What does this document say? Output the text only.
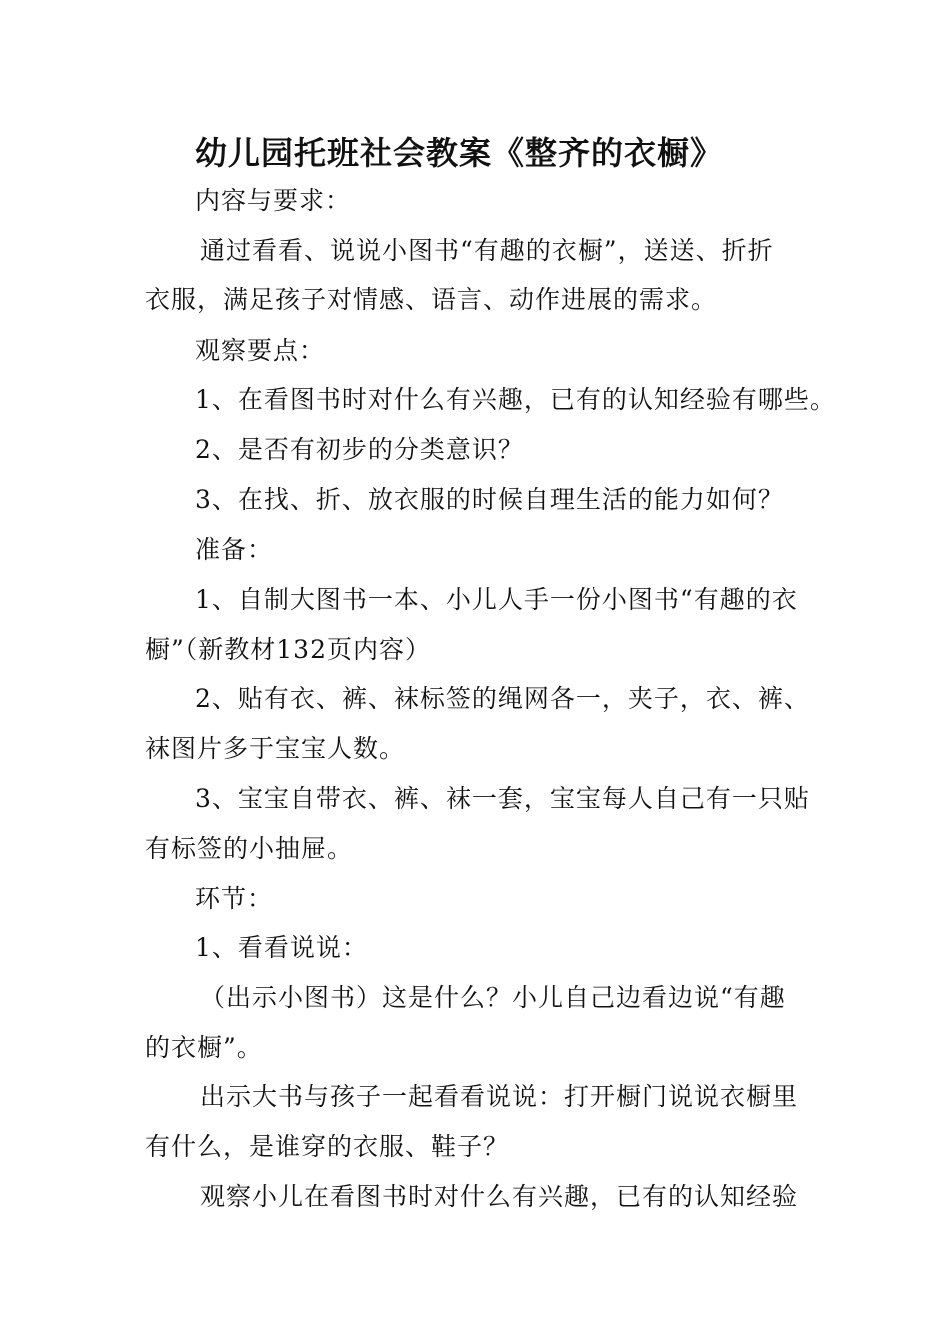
幼儿园托班社会教案《整齐的衣橱》

内容与要求：

通过看看、说说小图书“有趣的衣橱”，送送、折折

衣服，满足孩子对情感、语言、动作进展的需求。

观察要点：

1、在看图书时对什么有兴趣，已有的认知经验有哪些。

2、是否有初步的分类意识？

3、在找、折、放衣服的时候自理生活的能力如何？

准备：

1、自制大图书一本、小儿人手一份小图书“有趣的衣

橱”（新教材132页内容）

2、贴有衣、裤、袜标签的绳网各一，夹子，衣、裤、

袜图片多于宝宝人数。

3、宝宝自带衣、裤、袜一套，宝宝每人自己有一只贴

有标签的小抽屉。

环节：

1、看看说说：

（出示小图书）这是什么？小儿自己边看边说“有趣

的衣橱”。

出示大书与孩子一起看看说说：打开橱门说说衣橱里

有什么，是谁穿的衣服、鞋子？

观察小儿在看图书时对什么有兴趣，已有的认知经验
